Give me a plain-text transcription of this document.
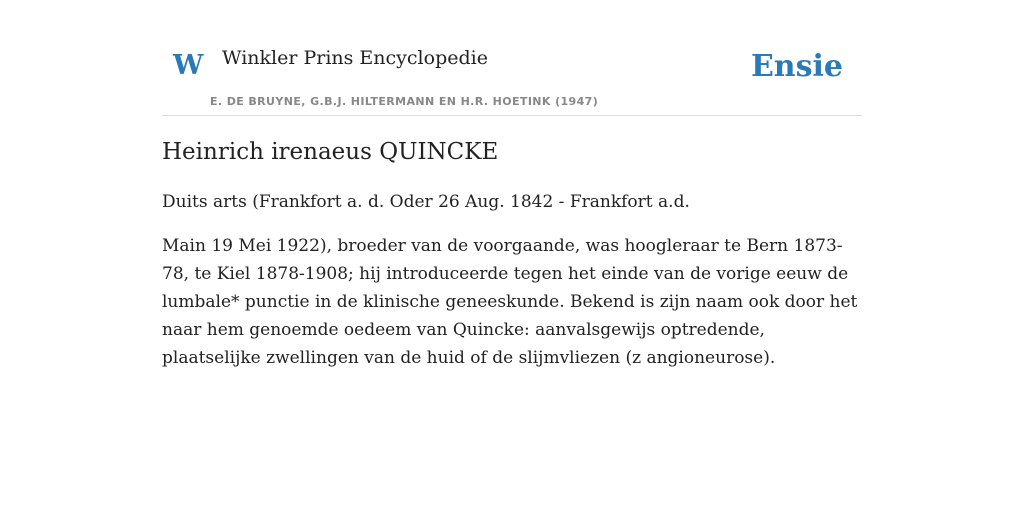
W Winkler Prins Encyclopedie
E. DE BRUYNE, G.B.J. HILTERMANN EN H.R. HOETINK (1947)
Ensie
Heinrich irenaeus QUINCKE

Duits arts (Frankfort a. d. Oder 26 Aug. 1842 - Frankfort a.d.

Main 19 Mei 1922), broeder van de voorgaande, was hoogleraar te Bern 1873-78, te Kiel 1878-1908; hij introduceerde tegen het einde van de vorige eeuw de lumbale* punctie in de klinische geneeskunde. Bekend is zijn naam ook door het naar hem genoemde oedeem van Quincke: aanvalsgewijs optredende, plaatselijke zwellingen van de huid of de slijmvliezen (z angioneurose).
